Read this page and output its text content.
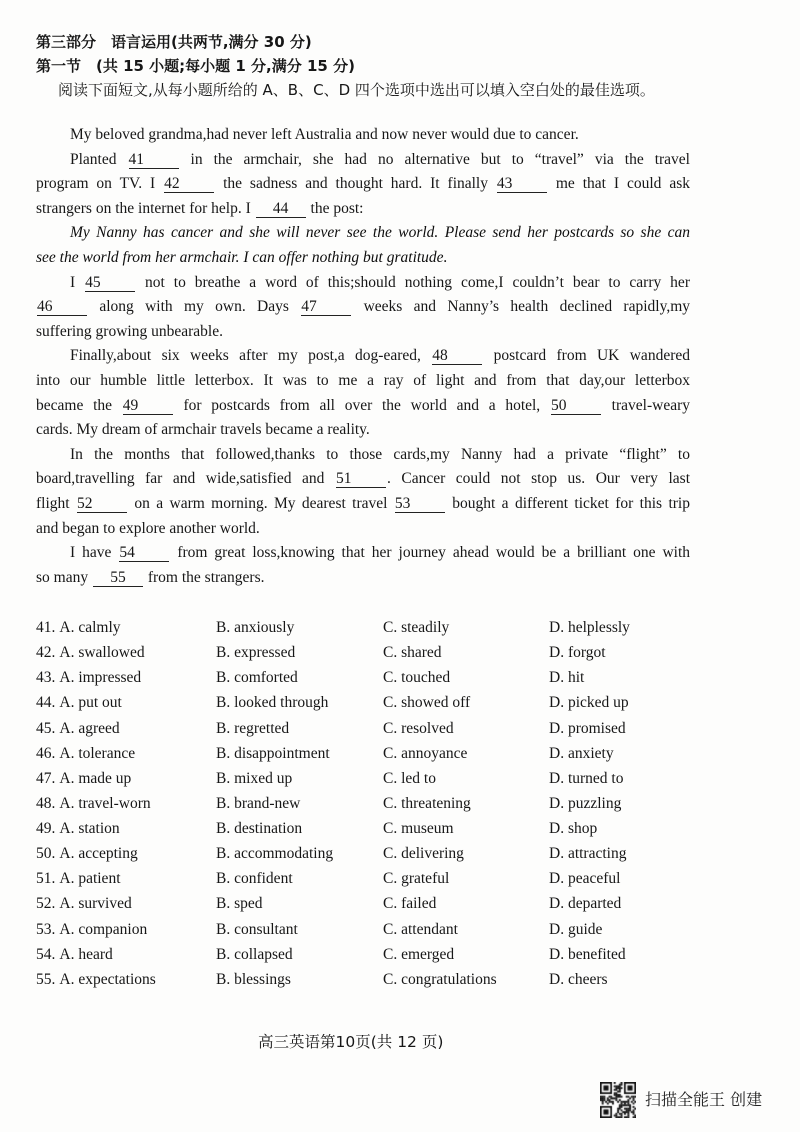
第三部分　语言运用(共两节,满分 30 分)
第一节　(共 15 小题;每小题 1 分,满分 15 分)
阅读下面短文,从每小题所给的 A、B、C、D 四个选项中选出可以填入空白处的最佳选项。
My beloved grandma,had never left Australia and now never would due to cancer.
Planted 41 in the armchair, she had no alternative but to “travel” via the travel
program on TV. I 42 the sadness and thought hard. It finally 43 me that I could ask
strangers on the internet for help. I 44 the post:
My Nanny has cancer and she will never see the world. Please send her postcards so she can
see the world from her armchair. I can offer nothing but gratitude.
I 45 not to breathe a word of this;should nothing come,I couldn’t bear to carry her
46 along with my own. Days 47 weeks and Nanny’s health declined rapidly,my
suffering growing unbearable.
Finally,about six weeks after my post,a dog-eared, 48 postcard from UK wandered
into our humble little letterbox. It was to me a ray of light and from that day,our letterbox
became the 49 for postcards from all over the world and a hotel, 50 travel-weary
cards. My dream of armchair travels became a reality.
In the months that followed,thanks to those cards,my Nanny had a private “flight” to
board,travelling far and wide,satisfied and 51 . Cancer could not stop us. Our very last
flight 52 on a warm morning. My dearest travel 53 bought a different ticket for this trip
and began to explore another world.
I have 54 from great loss,knowing that her journey ahead would be a brilliant one with
so many 55 from the strangers.
41. A. calmly	B. anxiously	C. steadily	D. helplessly
42. A. swallowed	B. expressed	C. shared	D. forgot
43. A. impressed	B. comforted	C. touched	D. hit
44. A. put out	B. looked through	C. showed off	D. picked up
45. A. agreed	B. regretted	C. resolved	D. promised
46. A. tolerance	B. disappointment	C. annoyance	D. anxiety
47. A. made up	B. mixed up	C. led to	D. turned to
48. A. travel-worn	B. brand-new	C. threatening	D. puzzling
49. A. station	B. destination	C. museum	D. shop
50. A. accepting	B. accommodating	C. delivering	D. attracting
51. A. patient	B. confident	C. grateful	D. peaceful
52. A. survived	B. sped	C. failed	D. departed
53. A. companion	B. consultant	C. attendant	D. guide
54. A. heard	B. collapsed	C. emerged	D. benefited
55. A. expectations	B. blessings	C. congratulations	D. cheers
高三英语第10页(共 12 页)
扫描全能王 创建
